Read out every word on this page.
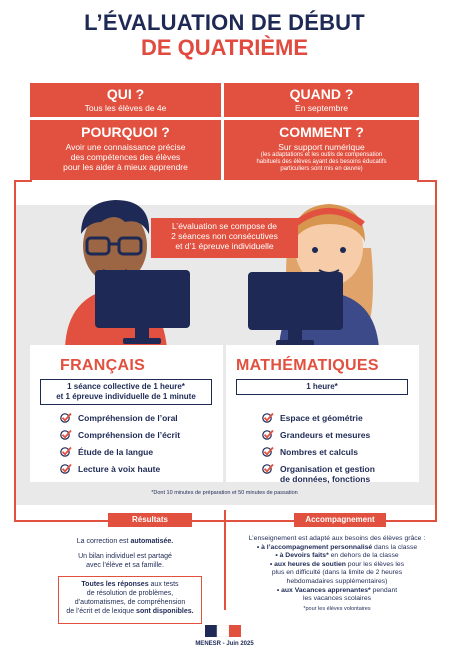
L’ÉVALUATION DE DÉBUT
DE QUATRIÈME
QUI ?
Tous les élèves de 4e
QUAND ?
En septembre
POURQUOI ?
Avoir une connaissance précise
des compétences des élèves
pour les aider à mieux apprendre
COMMENT ?
Sur support numérique
(les adaptations et les outils de compensation
habituels des élèves ayant des besoins éducatifs
particuliers sont mis en œuvre)
L’évaluation se compose de
2 séances non consécutives
et d’1 épreuve individuelle
FRANÇAIS
1 séance collective de 1 heure*
et 1 épreuve individuelle de 1 minute
Compréhension de l’oral
Compréhension de l’écrit
Étude de la langue
Lecture à voix haute
MATHÉMATIQUES
1 heure*
Espace et géométrie
Grandeurs et mesures
Nombres et calculs
Organisation et gestion
de données, fonctions
*Dont 10 minutes de préparation et 50 minutes de passation
Résultats
La correction est automatisée.
Un bilan individuel est partagé
avec l’élève et sa famille.
Toutes les réponses aux tests
de résolution de problèmes,
d’automatismes, de compréhension
de l’écrit et de lexique sont disponibles.
Accompagnement
L’enseignement est adapté aux besoins des élèves grâce :
• à l’accompagnement personnalisé dans la classe
• à Devoirs faits* en dehors de la classe
• aux heures de soutien pour les élèves les
plus en difficulté (dans la limite de 2 heures
hebdomadaires supplémentaires)
• aux Vacances apprenantes* pendant
les vacances scolaires
*pour les élèves volontaires
MENESR - Juin 2025
